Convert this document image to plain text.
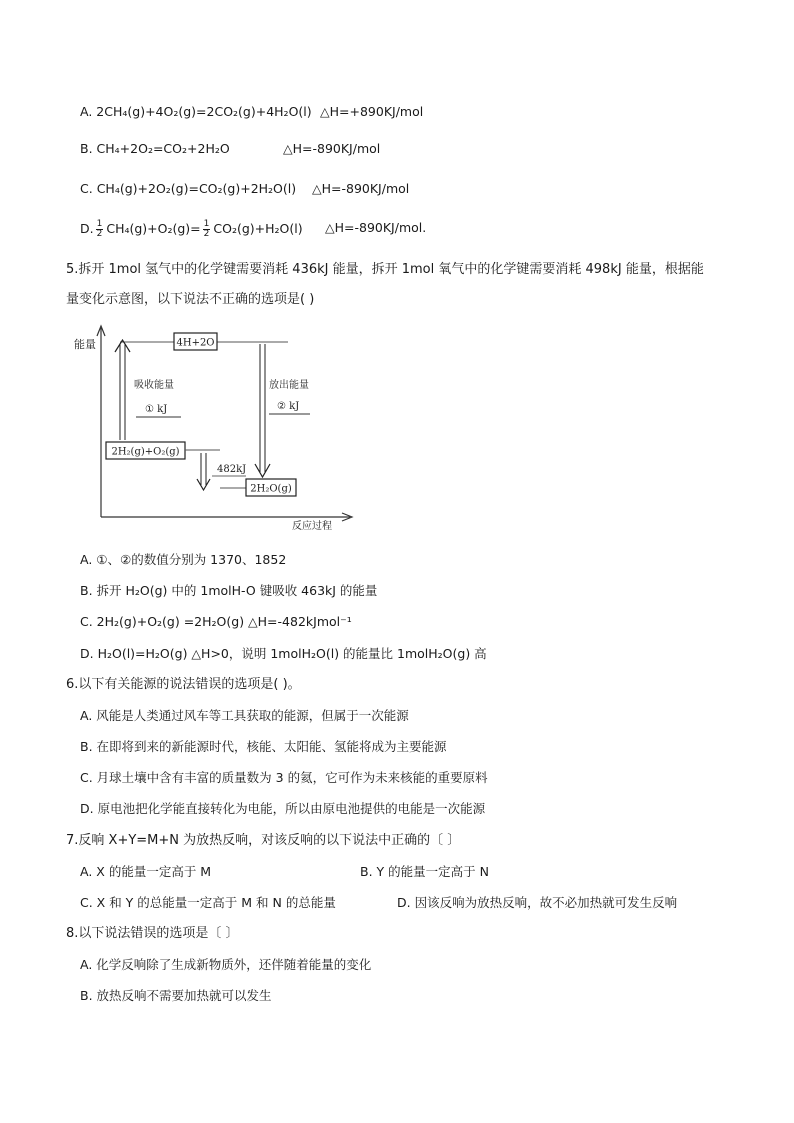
A. 2CH₄(g)+4O₂(g)=2CO₂(g)+4H₂O(l) △H=+890KJ/mol
B. CH₄+2O₂=CO₂+2H₂O	△H=-890KJ/mol
C. CH₄(g)+2O₂(g)=CO₂(g)+2H₂O(l) △H=-890KJ/mol
D. $\frac{1}{2} CH_4(g)+O_2(g)= \frac{1}{2} CO_2(g)+H_2O(l)$ △H=-890KJ/mol.
5.拆开 1mol 氢气中的化学键需要消耗 436kJ 能量，拆开 1mol 氧气中的化学键需要消耗 498kJ 能量，根据能
量变化示意图，以下说法不正确的选项是( )
能量
反应过程
4H+2O
吸收能量
① kJ
2H₂(g)+O₂(g)
482kJ
放出能量
② kJ
2H₂O(g)
A. ①、②的数值分别为 1370、1852
B. 拆开 H₂O(g) 中的 1molH-O 键吸收 463kJ 的能量
C. 2H₂(g)+O₂(g) =2H₂O(g) △H=-482kJmol⁻¹
D. H₂O(l)=H₂O(g) △H>0，说明 1molH₂O(l) 的能量比 1molH₂O(g) 高
6.以下有关能源的说法错误的选项是( )。
A. 风能是人类通过风车等工具获取的能源，但属于一次能源
B. 在即将到来的新能源时代，核能、太阳能、氢能将成为主要能源
C. 月球土壤中含有丰富的质量数为 3 的氦，它可作为未来核能的重要原料
D. 原电池把化学能直接转化为电能，所以由原电池提供的电能是一次能源
7.反响 X+Y=M+N 为放热反响，对该反响的以下说法中正确的〔 〕
A. X 的能量一定高于 M	B. Y 的能量一定高于 N
C. X 和 Y 的总能量一定高于 M 和 N 的总能量	D. 因该反响为放热反响，故不必加热就可发生反响
8.以下说法错误的选项是〔 〕
A. 化学反响除了生成新物质外，还伴随着能量的变化
B. 放热反响不需要加热就可以发生
